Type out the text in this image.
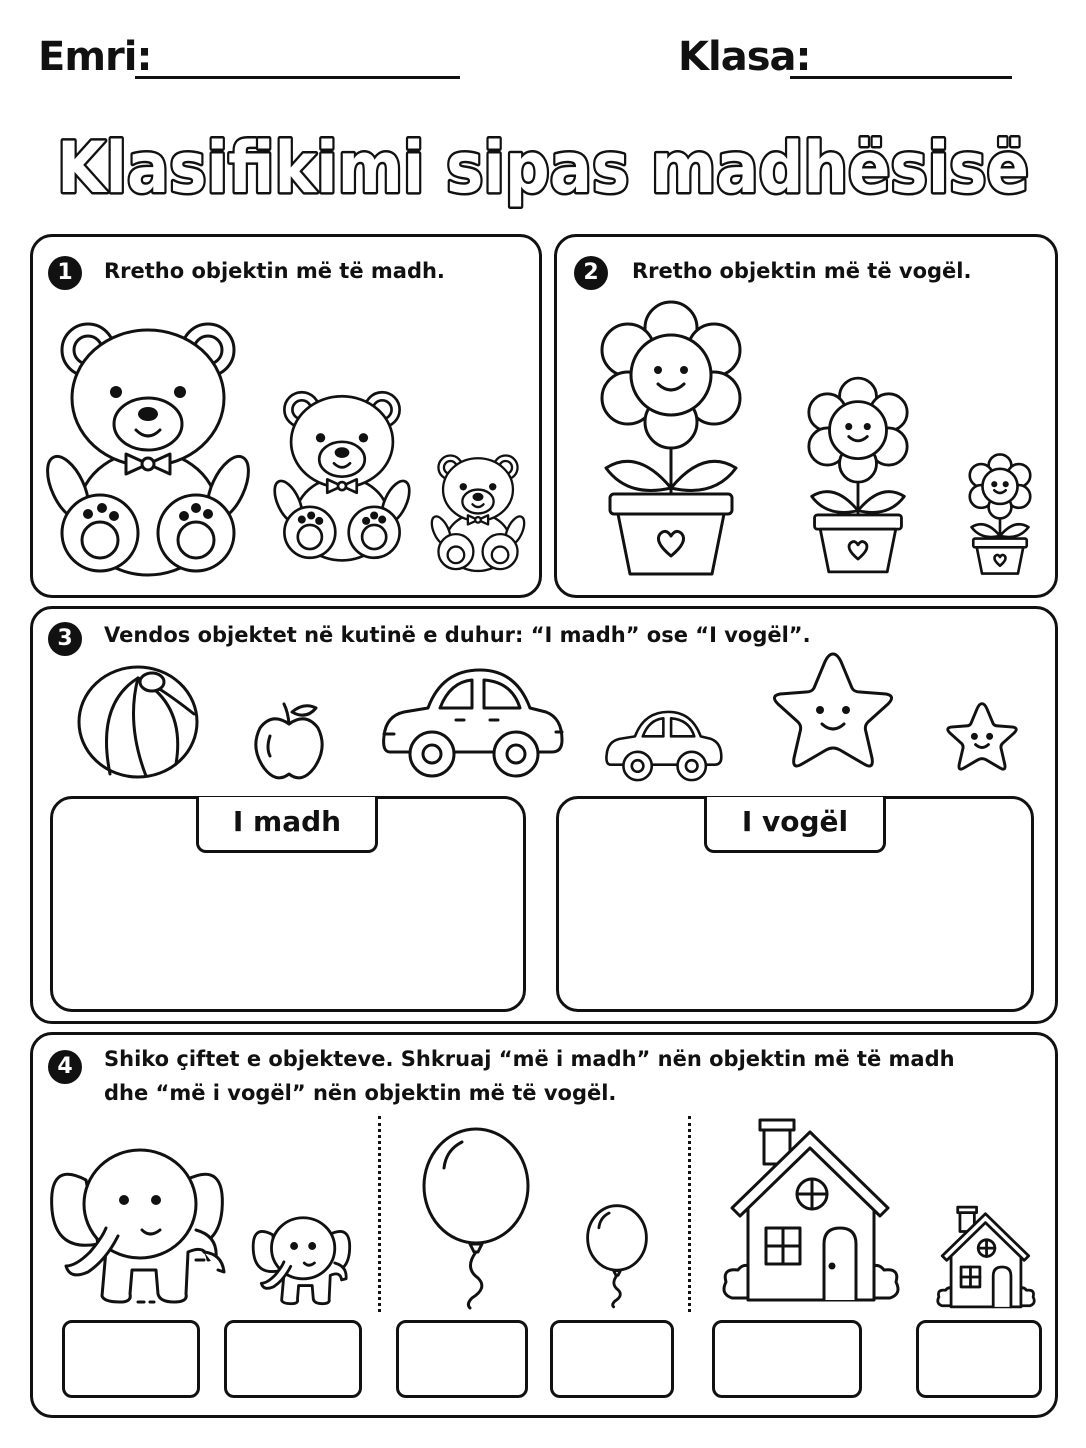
Emri:	Klasa:
Klasifikimi sipas madhësisë
1	Rretho objektin më të madh.	2	Rretho objektin më të vogël.
3	Vendos objektet në kutinë e duhur: “I madh” ose “I vogël”.
I madh	I vogël
4	Shiko çiftet e objekteve. Shkruaj “më i madh” nën objektin më të madh
dhe “më i vogël” nën objektin më të vogël.
